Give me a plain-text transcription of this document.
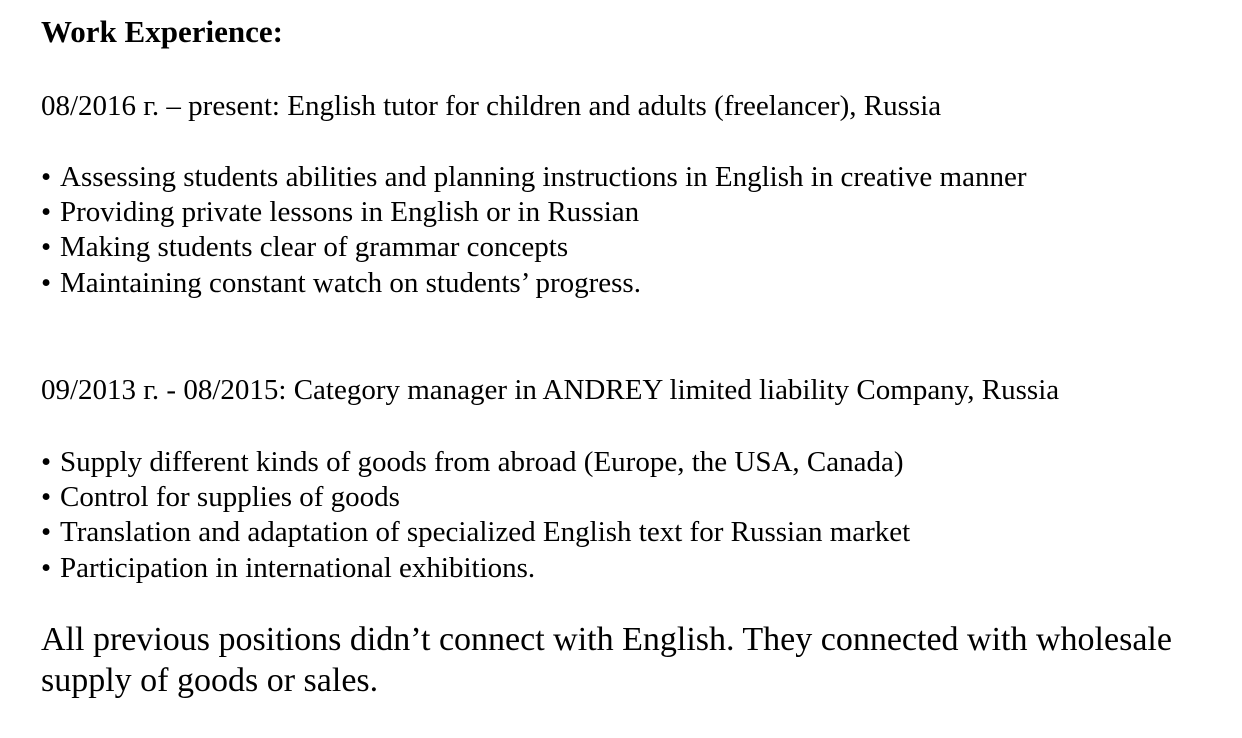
Work Experience:
08/2016 г. – present: English tutor for children and adults (freelancer), Russia
• Assessing students abilities and planning instructions in English in creative manner
• Providing private lessons in English or in Russian
• Making students clear of grammar concepts
• Maintaining constant watch on students’ progress.
09/2013 г. - 08/2015: Category manager in ANDREY limited liability Company, Russia
• Supply different kinds of goods from abroad (Europe, the USA, Canada)
• Control for supplies of goods
• Translation and adaptation of specialized English text for Russian market
• Participation in international exhibitions.
All previous positions didn’t connect with English. They connected with wholesale
supply of goods or sales.
